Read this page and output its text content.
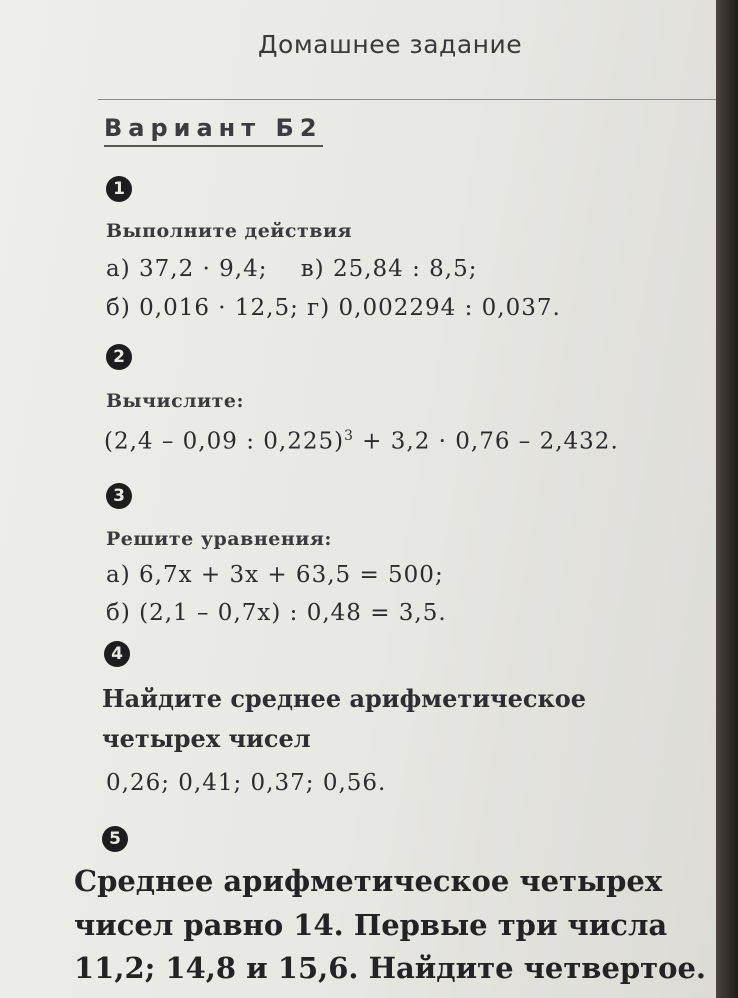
Домашнее задание
Вариант Б2
1
Выполните действия
а) 37,2 · 9,4;    в) 25,84 : 8,5;
б) 0,016 · 12,5; г) 0,002294 : 0,037.
2
Вычислите:
(2,4 – 0,09 : 0,225)$^3$ + 3,2 · 0,76 – 2,432.
3
Решите уравнения:
а) 6,7x + 3x + 63,5 = 500;
б) (2,1 – 0,7x) : 0,48 = 3,5.
4
Найдите среднее арифметическое
четырех чисел
0,26; 0,41; 0,37; 0,56.
5
Среднее арифметическое четырех
чисел равно 14. Первые три числа
11,2; 14,8 и 15,6. Найдите четвертое.
